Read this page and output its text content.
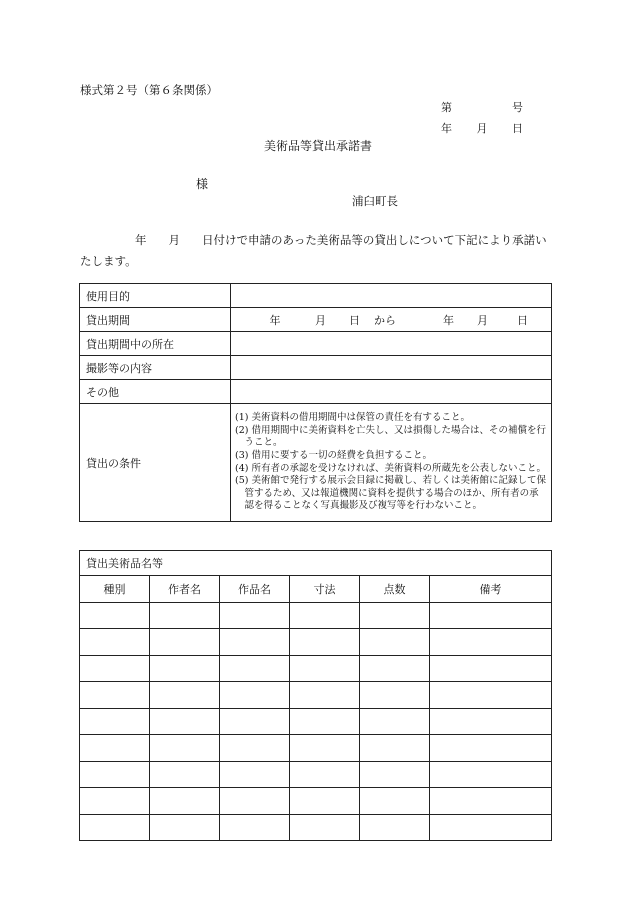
様式第２号（第６条関係）
第	号
年 月 日
美術品等貸出承諾書
様
浦臼町長
年 月 日付けで申請のあった美術品等の貸出しについて下記により承諾いたします。
使用目的	
貸出期間	年 月 日 から 年 月 日
貸出期間中の所在	
撮影等の内容	
その他	
貸出の条件	(1) 美術資料の借用期間中は保管の責任を有すること。
(2) 借用期間中に美術資料を亡失し、又は損傷した場合は、その補償を行うこと。
(3) 借用に要する一切の経費を負担すること。
(4) 所有者の承認を受けなければ、美術資料の所蔵先を公表しないこと。
(5) 美術館で発行する展示会目録に掲載し、若しくは美術館に記録して保管するため、又は報道機関に資料を提供する場合のほか、所有者の承認を得ることなく写真撮影及び複写等を行わないこと。
貸出美術品名等					
種別	作者名	作品名	寸法	点数	備考
